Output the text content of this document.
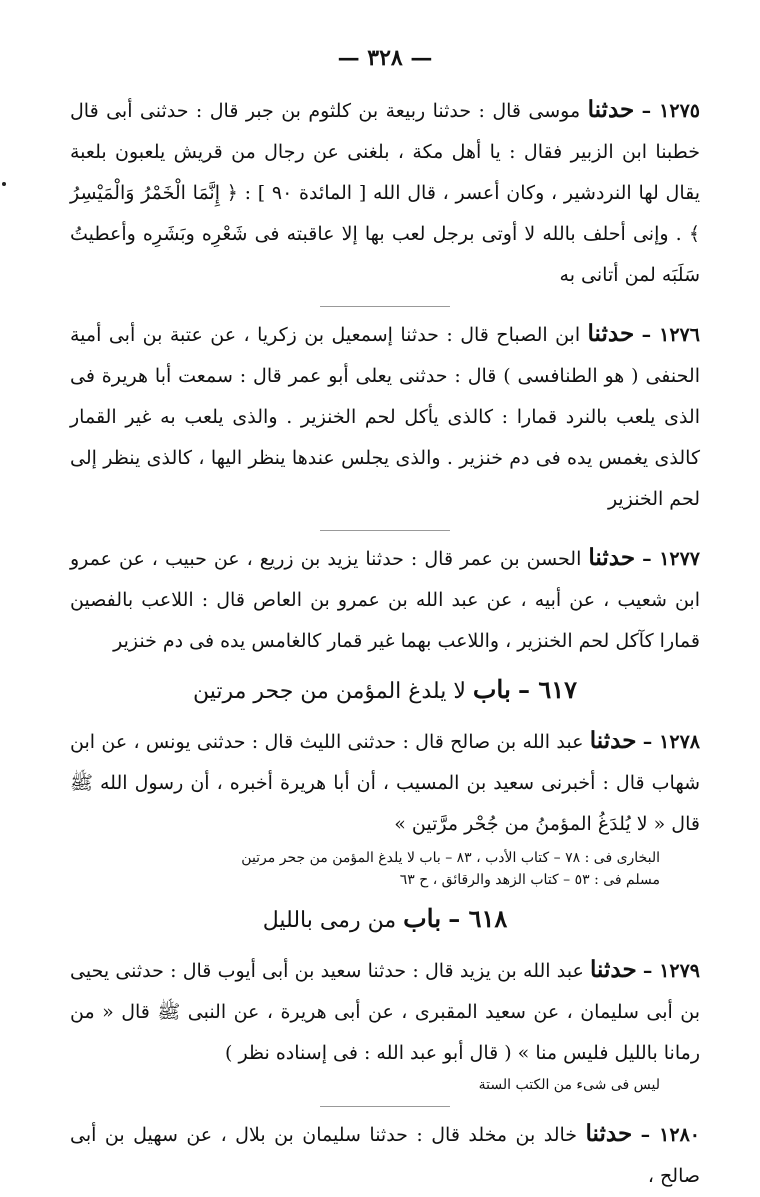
— ٣٢٨ —

١٢٧٥ – حدثنا موسى قال : حدثنا ربيعة بن كلثوم بن جبر قال : حدثنى أبى قال خطبنا ابن الزبير فقال : يا أهل مكة ، بلغنى عن رجال من قريش يلعبون بلعبة يقال لها النردشير ، وكان أعسر ، قال الله [ المائدة ٩٠ ] : ﴿ إِنَّمَا الْخَمْرُ وَالْمَيْسِرُ ﴾ . وإنى أحلف بالله لا أوتى برجل لعب بها إلا عاقبته فى شَعْرِه وبَشَرِه وأعطيتُ سَلَبَه لمن أتانى به

١٢٧٦ – حدثنا ابن الصباح قال : حدثنا إسمعيل بن زكريا ، عن عتبة بن أبى أمية الحنفى ( هو الطنافسى ) قال : حدثنى يعلى أبو عمر قال : سمعت أبا هريرة فى الذى يلعب بالنرد قمارا : كالذى يأكل لحم الخنزير . والذى يلعب به غير القمار كالذى يغمس يده فى دم خنزير . والذى يجلس عندها ينظر اليها ، كالذى ينظر إلى لحم الخنزير

١٢٧٧ – حدثنا الحسن بن عمر قال : حدثنا يزيد بن زريع ، عن حبيب ، عن عمرو ابن شعيب ، عن أبيه ، عن عبد الله بن عمرو بن العاص قال : اللاعب بالفصين قمارا كآكل لحم الخنزير ، واللاعب بهما غير قمار كالغامس يده فى دم خنزير

٦١٧ – باب لا يلدغ المؤمن من جحر مرتين

١٢٧٨ – حدثنا عبد الله بن صالح قال : حدثنى الليث قال : حدثنى يونس ، عن ابن شهاب قال : أخبرنى سعيد بن المسيب ، أن أبا هريرة أخبره ، أن رسول الله ﷺ قال « لا يُلدَغُ المؤمنُ من جُحْر مرَّتين »

البخارى فى : ٧٨ – كتاب الأدب ، ٨٣ – باب لا يلدغ المؤمن من جحر مرتين
مسلم فى : ٥٣ – كتاب الزهد والرقائق ، ح ٦٣
٦١٨ – باب من رمى بالليل

١٢٧٩ – حدثنا عبد الله بن يزيد قال : حدثنا سعيد بن أبى أيوب قال : حدثنى يحيى بن أبى سليمان ، عن سعيد المقبرى ، عن أبى هريرة ، عن النبى ﷺ قال « من رمانا بالليل فليس منا » ( قال أبو عبد الله : فى إسناده نظر )

ليس فى شىء من الكتب الستة

١٢٨٠ – حدثنا خالد بن مخلد قال : حدثنا سليمان بن بلال ، عن سهيل بن أبى صالح ،
